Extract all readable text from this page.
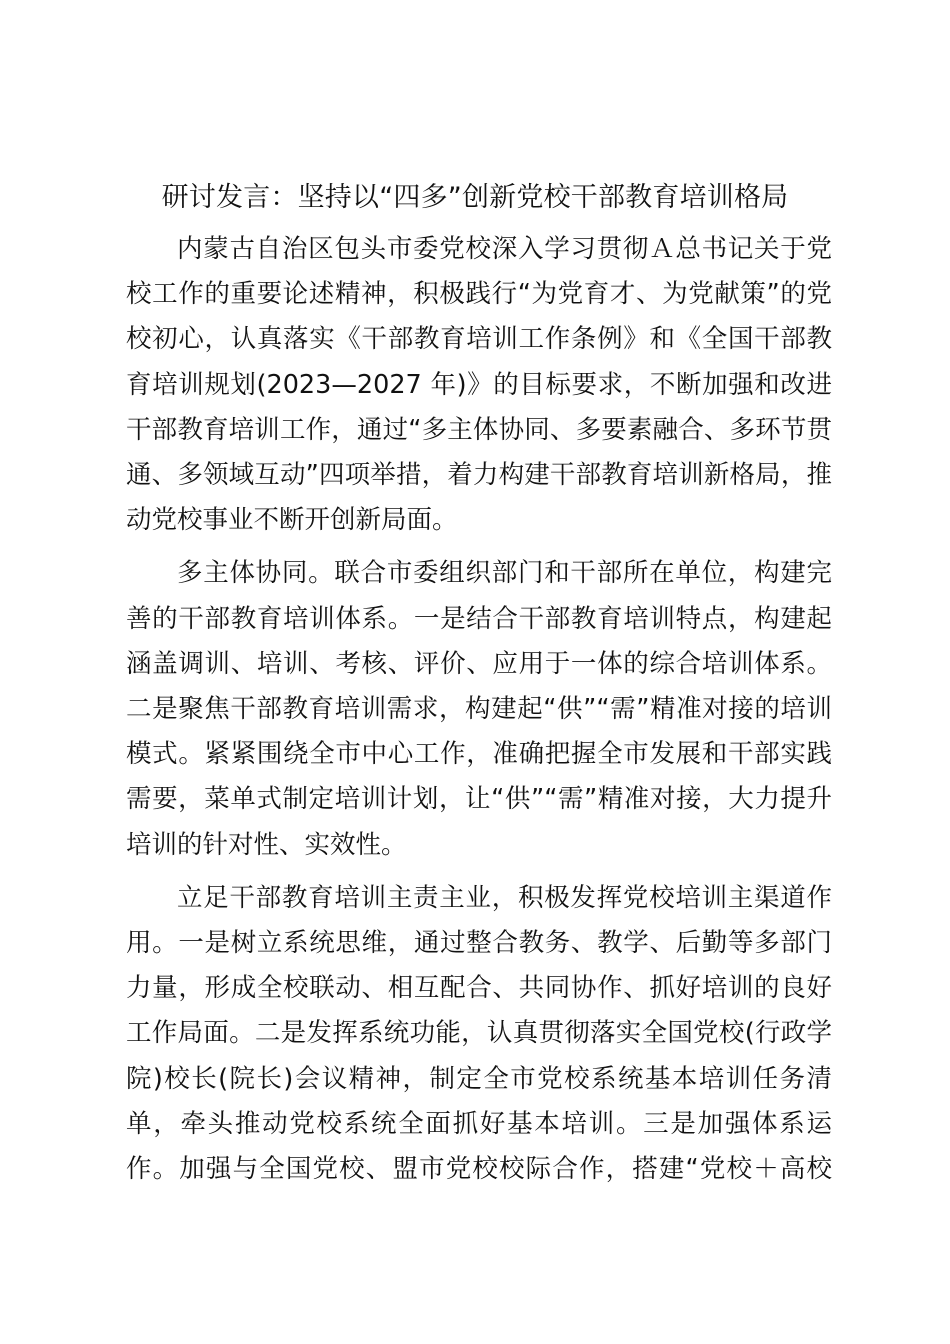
研讨发言：坚持以“四多”创新党校干部教育培训格局
内蒙古自治区包头市委党校深入学习贯彻Ａ总书记关于党
校工作的重要论述精神，积极践行“为党育才、为党献策”的党
校初心，认真落实《干部教育培训工作条例》和《全国干部教
育培训规划(2023—2027 年)》的目标要求，不断加强和改进
干部教育培训工作，通过“多主体协同、多要素融合、多环节贯
通、多领域互动”四项举措，着力构建干部教育培训新格局，推
动党校事业不断开创新局面。
多主体协同。联合市委组织部门和干部所在单位，构建完
善的干部教育培训体系。一是结合干部教育培训特点，构建起
涵盖调训、培训、考核、评价、应用于一体的综合培训体系。
二是聚焦干部教育培训需求，构建起“供”“需”精准对接的培训
模式。紧紧围绕全市中心工作，准确把握全市发展和干部实践
需要，菜单式制定培训计划，让“供”“需”精准对接，大力提升
培训的针对性、实效性。
立足干部教育培训主责主业，积极发挥党校培训主渠道作
用。一是树立系统思维，通过整合教务、教学、后勤等多部门
力量，形成全校联动、相互配合、共同协作、抓好培训的良好
工作局面。二是发挥系统功能，认真贯彻落实全国党校(行政学
院)校长(院长)会议精神，制定全市党校系统基本培训任务清
单，牵头推动党校系统全面抓好基本培训。三是加强体系运
作。加强与全国党校、盟市党校校际合作，搭建“党校＋高校
